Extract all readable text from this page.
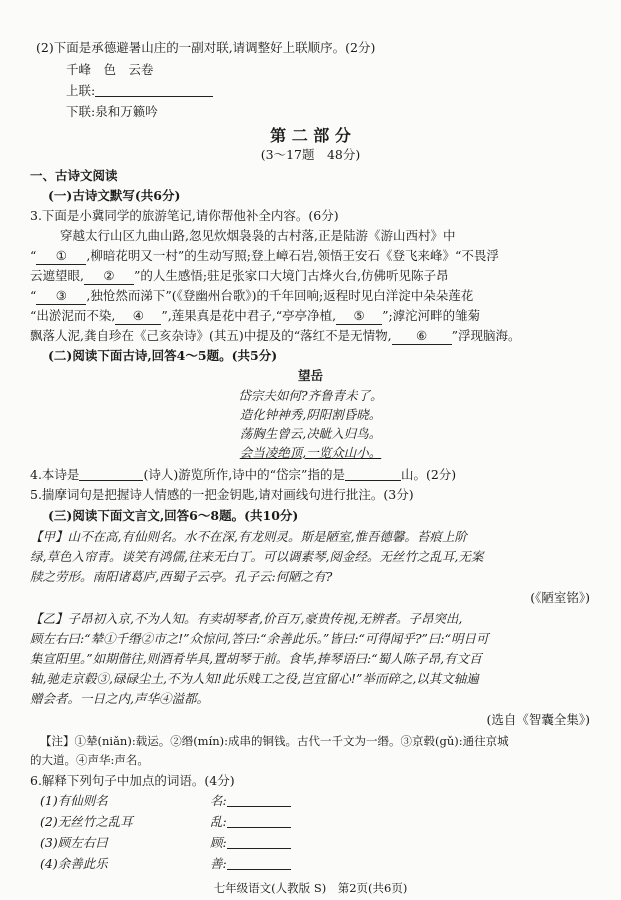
(2)下面是承德避暑山庄的一副对联,请调整好上联顺序。(2分)
千峰　色　云卷
上联:
下联:泉和万籁吟
第 二 部 分
(3～17题　48分)
一、古诗文阅读
(一)古诗文默写(共6分)
3.下面是小冀同学的旅游笔记,请你帮他补全内容。(6分)
穿越太行山区九曲山路,忽见炊烟袅袅的古村落,正是陆游《游山西村》中
“ ① ,柳暗花明又一村”的生动写照;登上嶂石岩,领悟王安石《登飞来峰》“不畏浮
云遮望眼, ② ”的人生感悟;驻足张家口大境门古烽火台,仿佛听见陈子昂
“ ③ ,独怆然而涕下”(《登幽州台歌》)的千年回响;返程时见白洋淀中朵朵莲花
“出淤泥而不染, ④ ”,莲果真是花中君子,“亭亭净植, ⑤ ”;滹沱河畔的雏菊
飘落人泥,龚自珍在《己亥杂诗》(其五)中提及的“落红不是无情物, ⑥ ”浮现脑海。
(二)阅读下面古诗,回答4～5题。(共5分)
望岳
岱宗夫如何?齐鲁青未了。
造化钟神秀,阴阳割昏晓。
荡胸生曾云,决眦入归鸟。
会当凌绝顶,一览众山小。
4.本诗是	(诗人)游览所作,诗中的“岱宗”指的是	山。(2分)
5.揣摩词句是把握诗人情感的一把金钥匙,请对画线句进行批注。(3分)
(三)阅读下面文言文,回答6～8题。(共10分)
【甲】山不在高,有仙则名。水不在深,有龙则灵。斯是陋室,惟吾德馨。苔痕上阶
绿,草色入帘青。谈笑有鸿儒,往来无白丁。可以调素琴,阅金经。无丝竹之乱耳,无案
牍之劳形。南阳诸葛庐,西蜀子云亭。孔子云:何陋之有?
(《陋室铭》)
【乙】子昂初入京,不为人知。有卖胡琴者,价百万,豪贵传视,无辨者。子昂突出,
顾左右曰:“辇①千缗②市之!”众惊问,答曰:“余善此乐。”皆曰:“可得闻乎?”曰:“明日可
集宣阳里。”如期偕往,则酒肴毕具,置胡琴于前。食毕,捧琴语曰:“蜀人陈子昂,有文百
轴,驰走京毂③,碌碌尘土,不为人知!此乐贱工之役,岂宜留心!”举而碎之,以其文轴遍
赠会者。一日之内,声华④溢都。
(选自《智囊全集》)
【注】①辇(niǎn):载运。②缗(mín):成串的铜钱。古代一千文为一缗。③京毂(gǔ):通往京城
的大道。④声华:声名。
6.解释下列句子中加点的词语。(4分)
(1)有仙则名	名:
(2)无丝竹之乱耳	乱:
(3)顾左右曰	顾:
(4)余善此乐	善:
七年级语文(人教版 S)　第2页(共6页)
